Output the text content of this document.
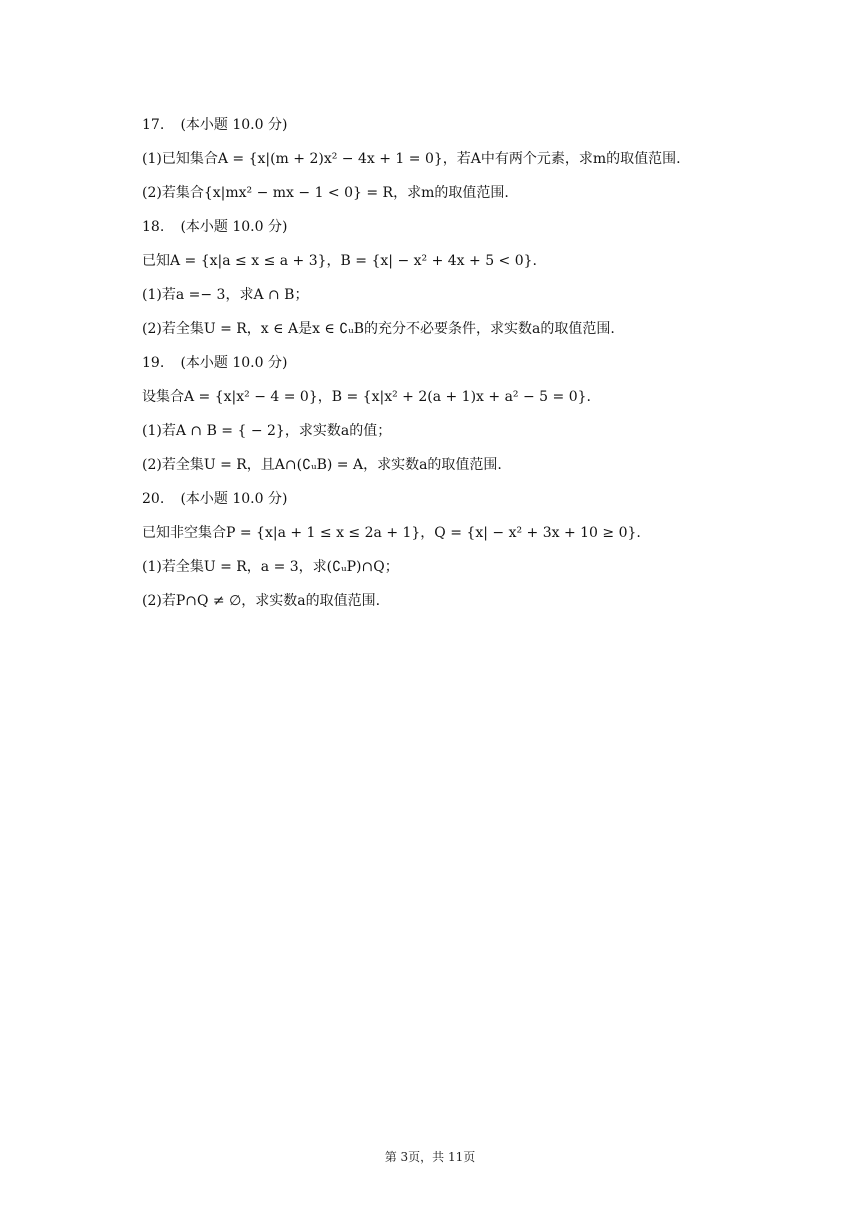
17. (本小题 10.0 分)
(1)已知集合A = {x|(m + 2)x² − 4x + 1 = 0}，若A中有两个元素，求m的取值范围.
(2)若集合{x|mx² − mx − 1 < 0} = R，求m的取值范围.
18. (本小题 10.0 分)
已知A = {x|a ≤ x ≤ a + 3}，B = {x| − x² + 4x + 5 < 0}.
(1)若a =− 3，求A ∩ B；
(2)若全集U = R，x ∈ A是x ∈ ∁ᵤB的充分不必要条件，求实数a的取值范围.
19. (本小题 10.0 分)
设集合A = {x|x² − 4 = 0}，B = {x|x² + 2(a + 1)x + a² − 5 = 0}.
(1)若A ∩ B = { − 2}，求实数a的值；
(2)若全集U = R，且A∩(∁ᵤB) = A，求实数a的取值范围.
20. (本小题 10.0 分)
已知非空集合P = {x|a + 1 ≤ x ≤ 2a + 1}，Q = {x| − x² + 3x + 10 ≥ 0}.
(1)若全集U = R，a = 3，求(∁ᵤP)∩Q；
(2)若P∩Q ≠ ∅，求实数a的取值范围.
第 3页，共 11页
